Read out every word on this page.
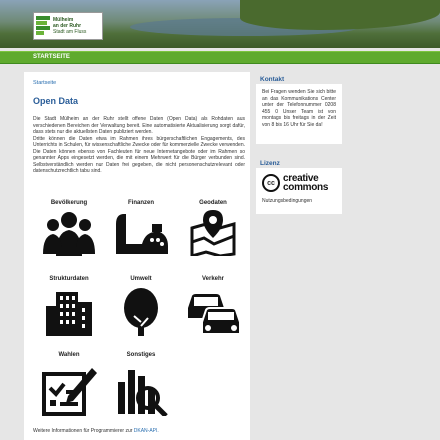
Mülheim
an der Ruhr
Stadt am Fluss
STARTSEITE
Startseite
Open Data

Die Stadt Mülheim an der Ruhr stellt offene Daten (Open Data) als Rohdaten aus verschiedenen Bereichen der Verwaltung bereit. Eine automatisierte Aktualisierung sorgt dafür, dass stets nur die aktuellsten Daten publiziert werden.

Dritte können die Daten etwa im Rahmen ihres bürgerschaftlichen Engagements, des Unterrichts in Schulen, für wissenschaftliche Zwecke oder für kommerzielle Zwecke verwenden. Die Daten können ebenso von Fachleuten für neue Internetangebote oder im Rahmen so genannter Apps eingesetzt werden, die mit einem Mehrwert für die Bürger verbunden sind. Selbstverständlich werden nur Daten frei gegeben, die nicht personenschutzrelevant oder datenschutzrechtlich tabu sind.

Bevölkerung	Finanzen	Geodaten
Strukturdaten	Umwelt	Verkehr
Wahlen	Sonstiges
Weitere Informationen für Programmierer zur DKAN-API.
Kontakt
Bei Fragen wenden Sie sich bitte an das Kommunikations Center unter der Telefonnummer 0208 455 0 Unser Team ist von montags bis freitags in der Zeit von 8 bis 16 Uhr für Sie da!
Lizenz
cc creative
commons
Nutzungsbedingungen
